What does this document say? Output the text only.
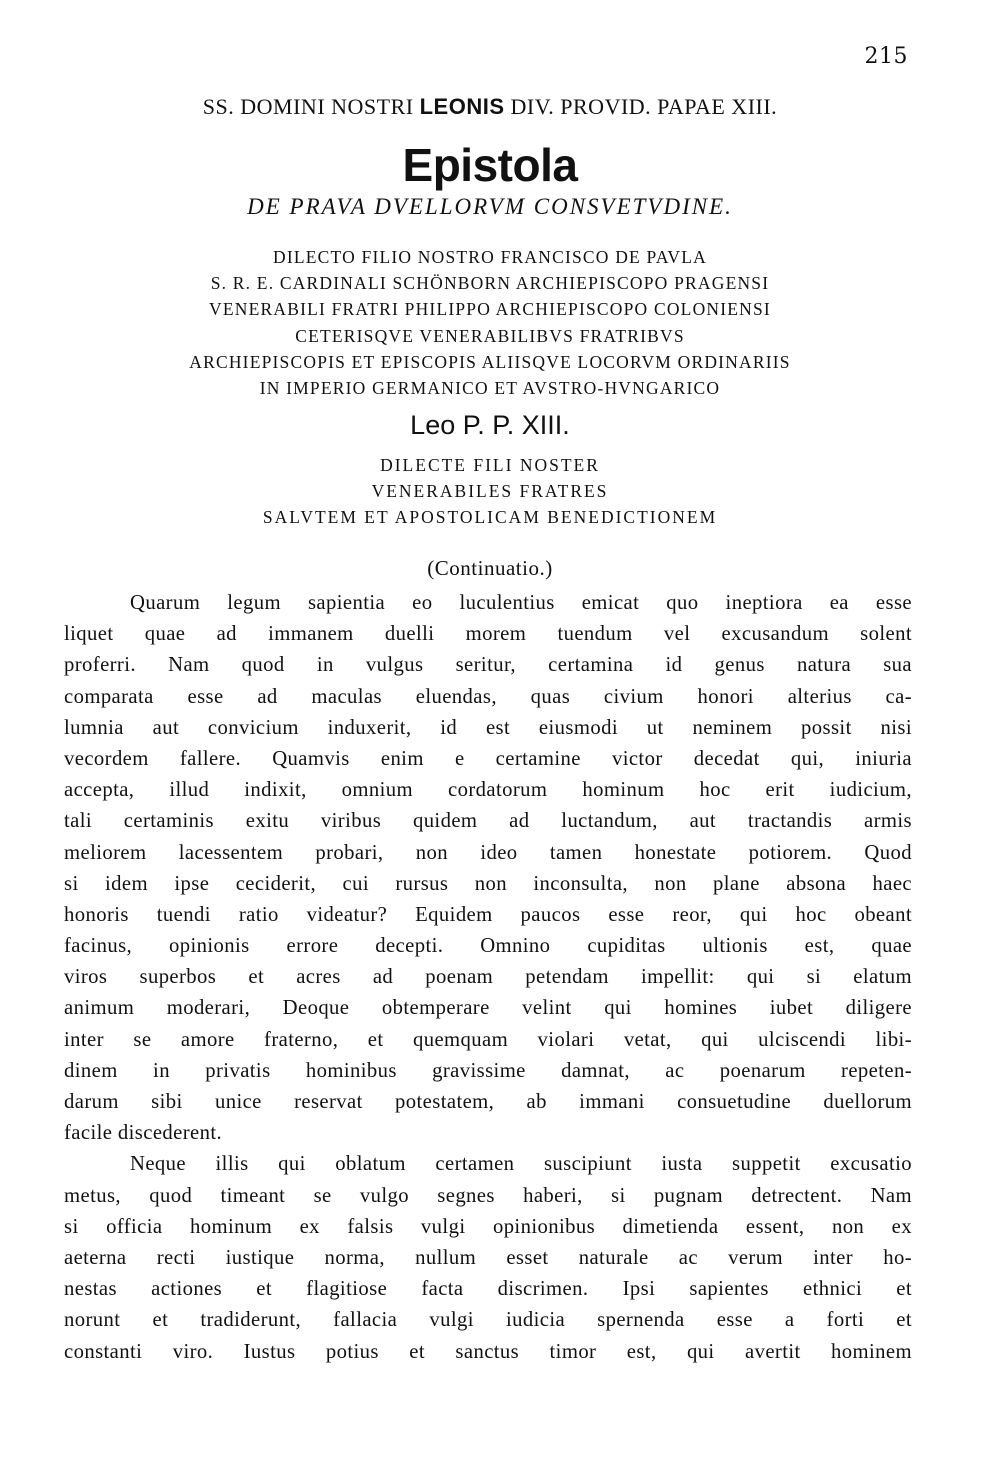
215
SS. DOMINI NOSTRI LEONIS DIV. PROVID. PAPAE XIII.
Epistola
DE PRAVA DVELLORVM CONSVETVDINE.
DILECTO FILIO NOSTRO FRANCISCO DE PAVLA
S. R. E. CARDINALI SCHÖNBORN ARCHIEPISCOPO PRAGENSI
VENERABILI FRATRI PHILIPPO ARCHIEPISCOPO COLONIENSI
CETERISQVE VENERABILIBVS FRATRIBVS
ARCHIEPISCOPIS ET EPISCOPIS ALIISQVE LOCORVM ORDINARIIS
IN IMPERIO GERMANICO ET AVSTRO-HVNGARICO
Leo P. P. XIII.
DILECTE FILI NOSTER
VENERABILES FRATRES
SALVTEM ET APOSTOLICAM BENEDICTIONEM
(Continuatio.)
Quarum legum sapientia eo luculentius emicat quo ineptiora ea esse
liquet quae ad immanem duelli morem tuendum vel excusandum solent
proferri. Nam quod in vulgus seritur, certamina id genus natura sua
comparata esse ad maculas eluendas, quas civium honori alterius ca-
lumnia aut convicium induxerit, id est eiusmodi ut neminem possit nisi
vecordem fallere. Quamvis enim e certamine victor decedat qui, iniuria
accepta, illud indixit, omnium cordatorum hominum hoc erit iudicium,
tali certaminis exitu viribus quidem ad luctandum, aut tractandis armis
meliorem lacessentem probari, non ideo tamen honestate potiorem. Quod
si idem ipse ceciderit, cui rursus non inconsulta, non plane absona haec
honoris tuendi ratio videatur? Equidem paucos esse reor, qui hoc obeant
facinus, opinionis errore decepti. Omnino cupiditas ultionis est, quae
viros superbos et acres ad poenam petendam impellit: qui si elatum
animum moderari, Deoque obtemperare velint qui homines iubet diligere
inter se amore fraterno, et quemquam violari vetat, qui ulciscendi libi-
dinem in privatis hominibus gravissime damnat, ac poenarum repeten-
darum sibi unice reservat potestatem, ab immani consuetudine duellorum
facile discederent.
Neque illis qui oblatum certamen suscipiunt iusta suppetit excusatio
metus, quod timeant se vulgo segnes haberi, si pugnam detrectent. Nam
si officia hominum ex falsis vulgi opinionibus dimetienda essent, non ex
aeterna recti iustique norma, nullum esset naturale ac verum inter ho-
nestas actiones et flagitiose facta discrimen. Ipsi sapientes ethnici et
norunt et tradiderunt, fallacia vulgi iudicia spernenda esse a forti et
constanti viro. Iustus potius et sanctus timor est, qui avertit hominem
